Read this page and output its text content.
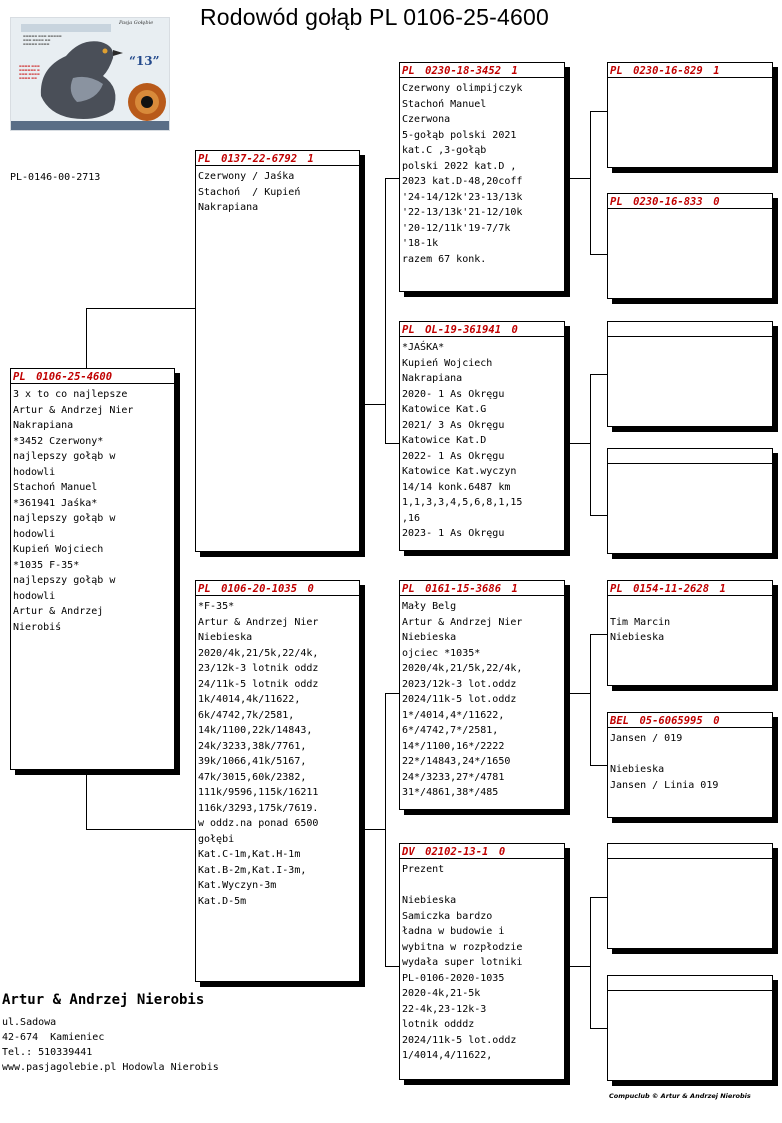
Rodowód gołąb PL 0106-25-4600
▬▬▬▬▬ ▬▬▬ ▬▬▬▬▬
▬▬▬ ▬▬▬▬ ▬▬
▬▬▬▬▬ ▬▬▬▬
▬▬▬▬ ▬▬▬
▬▬▬▬▬▬ ▬
▬▬▬ ▬▬▬▬
▬▬▬▬ ▬▬
“13”
Pasja Gołębie
PL-0146-00-2713
PL 0106-25-4600
3 x to co najlepsze
Artur & Andrzej Nier
Nakrapiana
*3452 Czerwony*
najlepszy gołąb w
hodowli
Stachoń Manuel
*361941 Jaśka*
najlepszy gołąb w
hodowli
Kupień Wojciech
*1035 F-35*
najlepszy gołąb w
hodowli
Artur & Andrzej
Nierobiś
PL 0137-22-6792 1
Czerwony / Jaśka
Stachoń  / Kupień
Nakrapiana
PL 0106-20-1035 0
*F-35*
Artur & Andrzej Nier
Niebieska
2020/4k,21/5k,22/4k,
23/12k-3 lotnik oddz
24/11k-5 lotnik oddz
1k/4014,4k/11622,
6k/4742,7k/2581,
14k/1100,22k/14843,
24k/3233,38k/7761,
39k/1066,41k/5167,
47k/3015,60k/2382,
111k/9596,115k/16211
116k/3293,175k/7619.
w oddz.na ponad 6500
gołębi
Kat.C-1m,Kat.H-1m
Kat.B-2m,Kat.I-3m,
Kat.Wyczyn-3m
Kat.D-5m
PL 0230-18-3452 1
Czerwony olimpijczyk
Stachoń Manuel
Czerwona
5-gołąb polski 2021
kat.C ,3-gołąb
polski 2022 kat.D ,
2023 kat.D-48,20coff
'24-14/12k'23-13/13k
'22-13/13k'21-12/10k
'20-12/11k'19-7/7k
'18-1k
razem 67 konk.
PL OL-19-361941 0
*JAŚKA*
Kupień Wojciech
Nakrapiana
2020- 1 As Okręgu
Katowice Kat.G
2021/ 3 As Okręgu
Katowice Kat.D
2022- 1 As Okręgu
Katowice Kat.wyczyn
14/14 konk.6487 km
1,1,3,3,4,5,6,8,1,15
,16
2023- 1 As Okręgu
PL 0161-15-3686 1
Mały Belg
Artur & Andrzej Nier
Niebieska
ojciec *1035*
2020/4k,21/5k,22/4k,
2023/12k-3 lot.oddz
2024/11k-5 lot.oddz
1*/4014,4*/11622,
6*/4742,7*/2581,
14*/1100,16*/2222
22*/14843,24*/1650
24*/3233,27*/4781
31*/4861,38*/485
DV 02102-13-1 0
Prezent
Niebieska
Samiczka bardzo
ładna w budowie i
wybitna w rozpłodzie
wydała super lotniki
PL-0106-2020-1035
2020-4k,21-5k
22-4k,23-12k-3
lotnik odddz
2024/11k-5 lot.oddz
1/4014,4/11622,
PL 0230-16-829 1
PL 0230-16-833 0
PL 0154-11-2628 1
Tim Marcin
Niebieska
BEL 05-6065995 0
Jansen / 019
Niebieska
Jansen / Linia 019
Artur & Andrzej Nierobis
ul.Sadowa
42-674  Kamieniec
Tel.: 510339441
www.pasjagolebie.pl Hodowla Nierobis
Compuclub © Artur & Andrzej Nierobis
